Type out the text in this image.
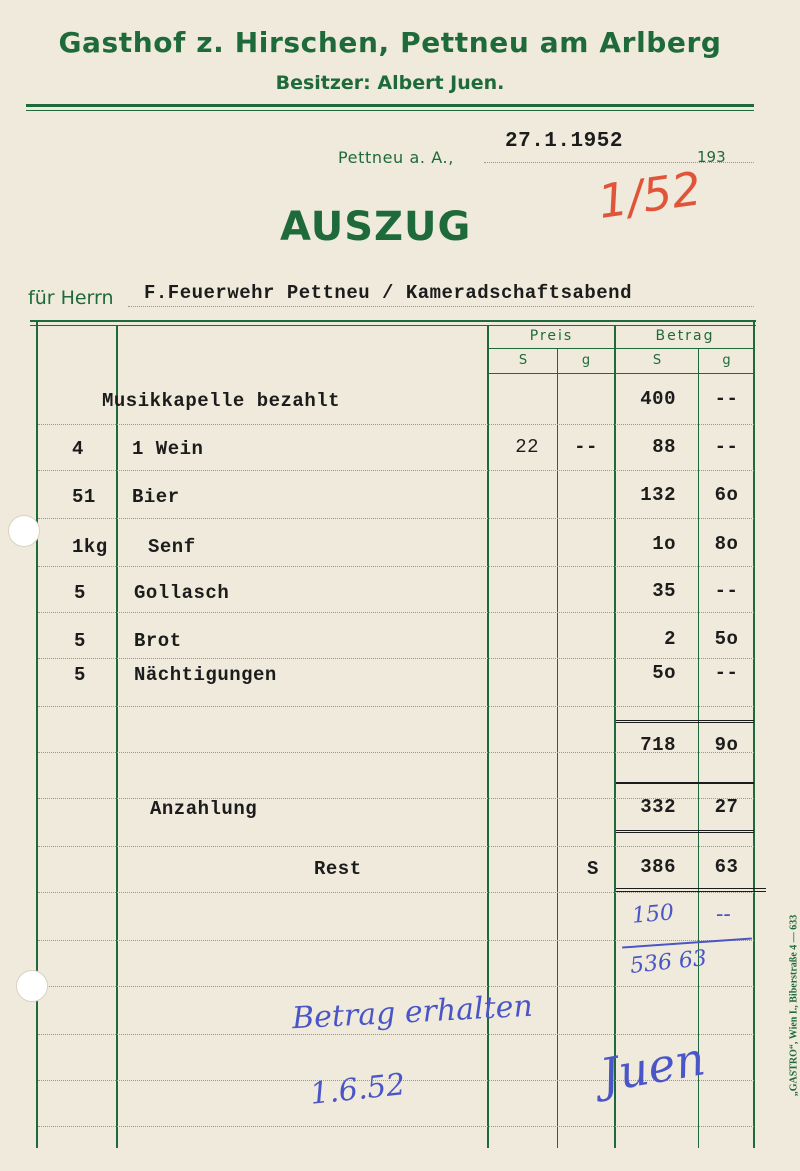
Gasthof z. Hirschen, Pettneu am Arlberg
Besitzer: Albert Juen.
Pettneu a. A.,
27.1.1952
193
1/52
AUSZUG
für Herrn F.Feuerwehr Pettneu / Kameradschaftsabend
Preis	Betrag
S	g	S	g
Musikkapelle bezahlt	400	--
4	1 Wein	22	--	88	--
51 Bier	132	6o
1kg Senf	1o	8o
5	Gollasch	35	--
5	Brot	2	5o
5	Nächtigungen	5o	--
718	9o
Anzahlung	332	27
Rest	S	386	63
150 --
536 63
Betrag erhalten
1.6.52	Juen	„GASTRO“, Wien I., Biberstraße 4 — 633
